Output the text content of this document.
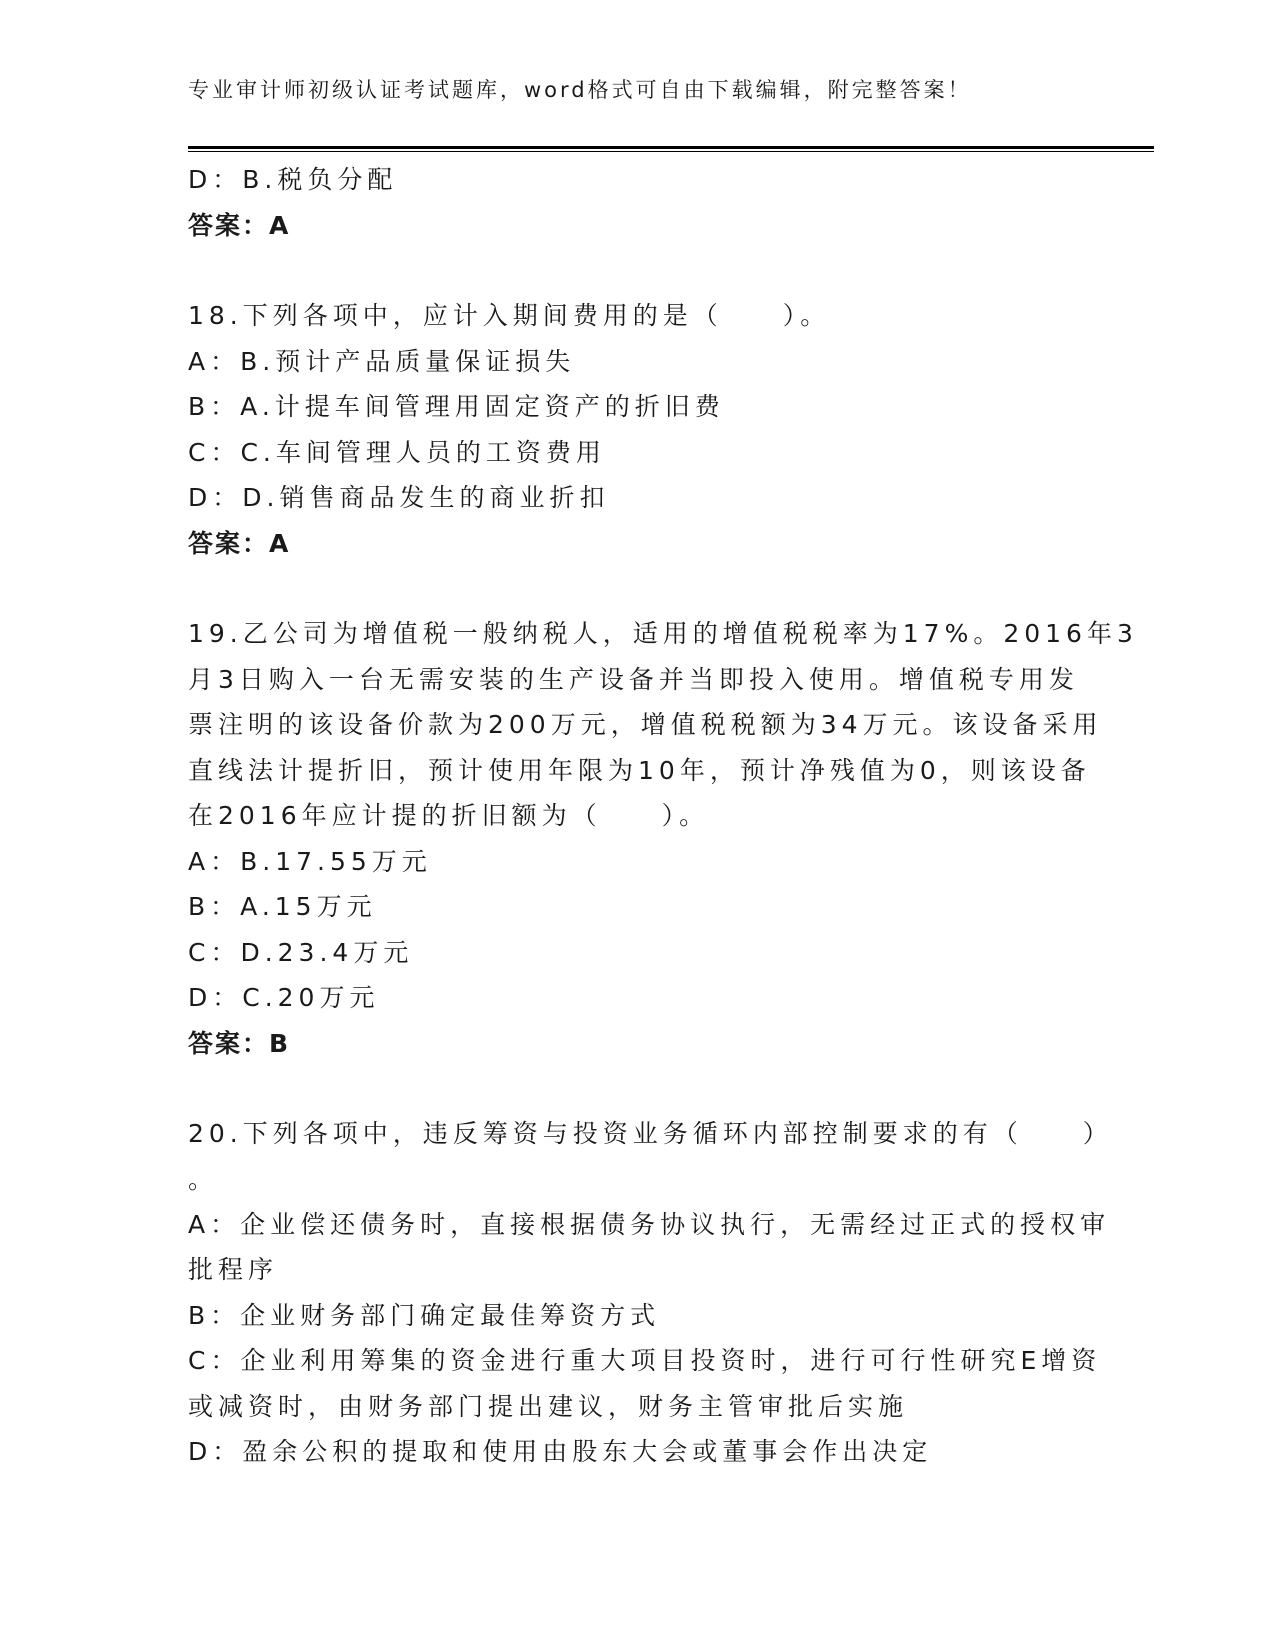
专业审计师初级认证考试题库，word格式可自由下载编辑，附完整答案！
D：B.税负分配
答案：A
18.下列各项中，应计入期间费用的是（　　）。
A：B.预计产品质量保证损失
B：A.计提车间管理用固定资产的折旧费
C：C.车间管理人员的工资费用
D：D.销售商品发生的商业折扣
答案：A
19.乙公司为增值税一般纳税人，适用的增值税税率为17%。2016年3
月3日购入一台无需安装的生产设备并当即投入使用。增值税专用发
票注明的该设备价款为200万元，增值税税额为34万元。该设备采用
直线法计提折旧，预计使用年限为10年，预计净残值为0，则该设备
在2016年应计提的折旧额为（　　）。
A：B.17.55万元
B：A.15万元
C：D.23.4万元
D：C.20万元
答案：B
20.下列各项中，违反筹资与投资业务循环内部控制要求的有（　　）
。
A：企业偿还债务时，直接根据债务协议执行，无需经过正式的授权审
批程序
B：企业财务部门确定最佳筹资方式
C：企业利用筹集的资金进行重大项目投资时，进行可行性研究E增资
或减资时，由财务部门提出建议，财务主管审批后实施
D：盈余公积的提取和使用由股东大会或董事会作出决定
